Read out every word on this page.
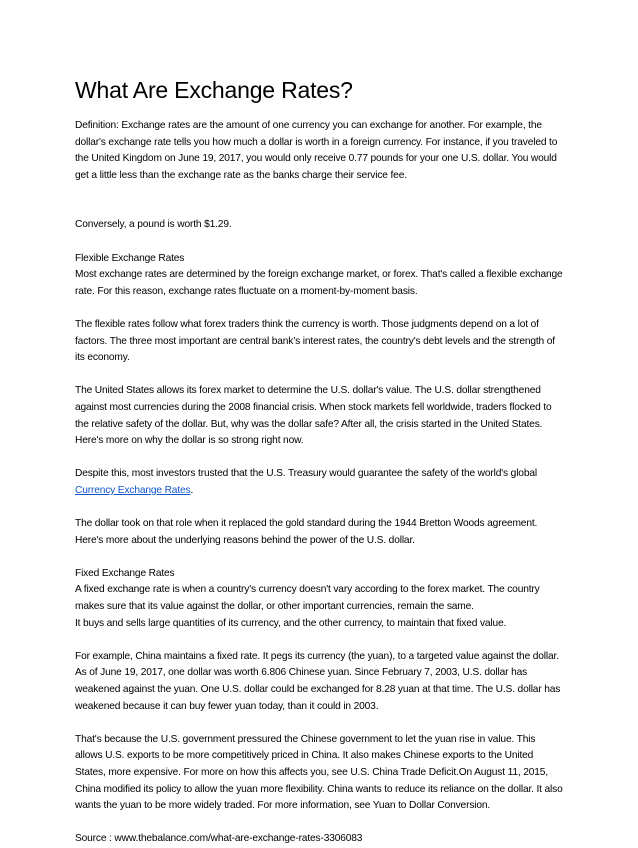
What Are Exchange Rates?

Definition: Exchange rates are the amount of one currency you can exchange for another. For example, the dollar's exchange rate tells you how much a dollar is worth in a foreign currency. For instance, if you traveled to the United Kingdom on June 19, 2017, you would only receive 0.77 pounds for your one U.S. dollar. You would get a little less than the exchange rate as the banks charge their service fee.

Conversely, a pound is worth $1.29.

Flexible Exchange Rates

Most exchange rates are determined by the foreign exchange market, or forex. That's called a flexible exchange rate. For this reason, exchange rates fluctuate on a moment-by-moment basis.

The flexible rates follow what forex traders think the currency is worth. Those judgments depend on a lot of factors. The three most important are central bank’s interest rates, the country's debt levels and the strength of its economy.

The United States allows its forex market to determine the U.S. dollar's value. The U.S. dollar strengthened against most currencies during the 2008 financial crisis. When stock markets fell worldwide, traders flocked to the relative safety of the dollar. But, why was the dollar safe? After all, the crisis started in the United States. Here's more on why the dollar is so strong right now.

Despite this, most investors trusted that the U.S. Treasury would guarantee the safety of the world's global Currency Exchange Rates.

The dollar took on that role when it replaced the gold standard during the 1944 Bretton Woods agreement. Here's more about the underlying reasons behind the power of the U.S. dollar.

Fixed Exchange Rates
A fixed exchange rate is when a country's currency doesn't vary according to the forex market. The country makes sure that its value against the dollar, or other important currencies, remain the same.

It buys and sells large quantities of its currency, and the other currency, to maintain that fixed value.

For example, China maintains a fixed rate. It pegs its currency (the yuan), to a targeted value against the dollar. As of June 19, 2017, one dollar was worth 6.806 Chinese yuan. Since February 7, 2003, U.S. dollar has weakened against the yuan. One U.S. dollar could be exchanged for 8.28 yuan at that time. The U.S. dollar has weakened because it can buy fewer yuan today, than it could in 2003.

That's because the U.S. government pressured the Chinese government to let the yuan rise in value. This allows U.S. exports to be more competitively priced in China. It also makes Chinese exports to the United States, more expensive. For more on how this affects you, see U.S. China Trade Deficit.On August 11, 2015, China modified its policy to allow the yuan more flexibility. China wants to reduce its reliance on the dollar. It also wants the yuan to be more widely traded. For more information, see Yuan to Dollar Conversion.

Source : www.thebalance.com/what-are-exchange-rates-3306083
